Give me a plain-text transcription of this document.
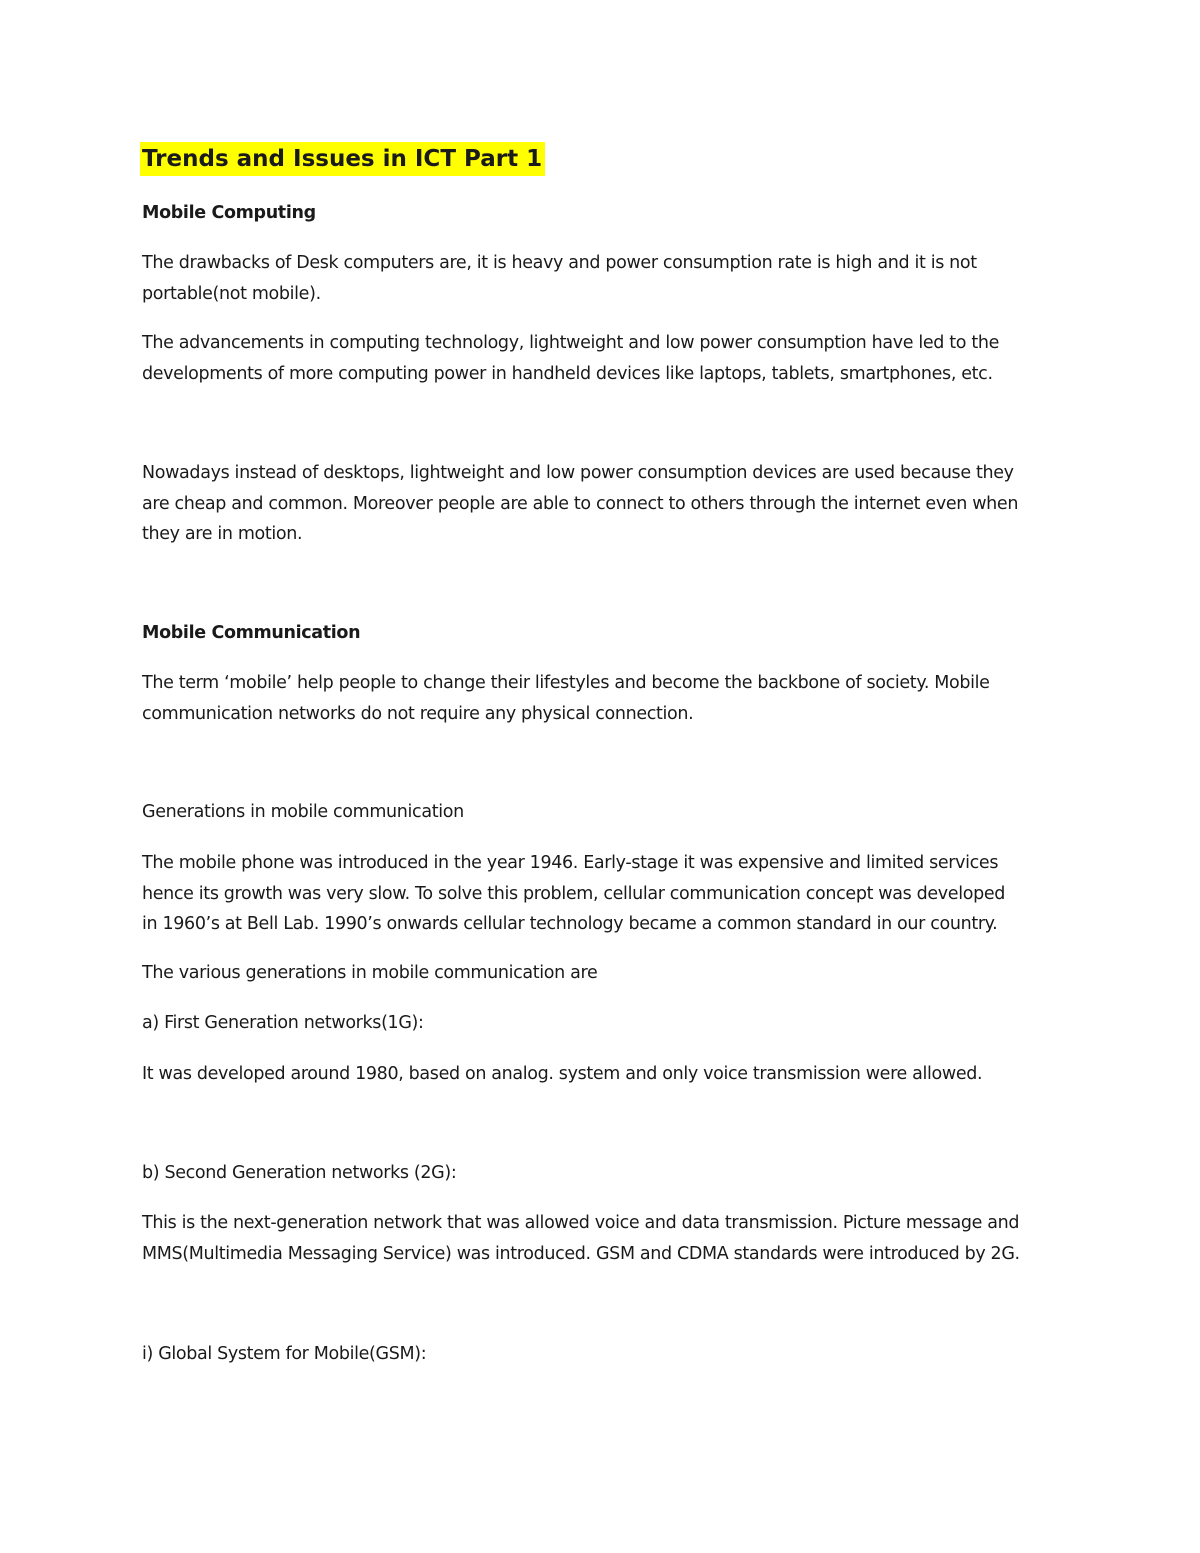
Trends and Issues in ICT Part 1

Mobile Computing

The drawbacks of Desk computers are, it is heavy and power consumption rate is high and it is not
portable(not mobile).

The advancements in computing technology, lightweight and low power consumption have led to the
developments of more computing power in handheld devices like laptops, tablets, smartphones, etc.

Nowadays instead of desktops, lightweight and low power consumption devices are used because they
are cheap and common. Moreover people are able to connect to others through the internet even when
they are in motion.

Mobile Communication

The term ‘mobile’ help people to change their lifestyles and become the backbone of society. Mobile
communication networks do not require any physical connection.

Generations in mobile communication

The mobile phone was introduced in the year 1946. Early-stage it was expensive and limited services
hence its growth was very slow. To solve this problem, cellular communication concept was developed
in 1960’s at Bell Lab. 1990’s onwards cellular technology became a common standard in our country.

The various generations in mobile communication are

a) First Generation networks(1G):

It was developed around 1980, based on analog. system and only voice transmission were allowed.

b) Second Generation networks (2G):

This is the next-generation network that was allowed voice and data transmission. Picture message and
MMS(Multimedia Messaging Service) was introduced. GSM and CDMA standards were introduced by 2G.

i) Global System for Mobile(GSM):
